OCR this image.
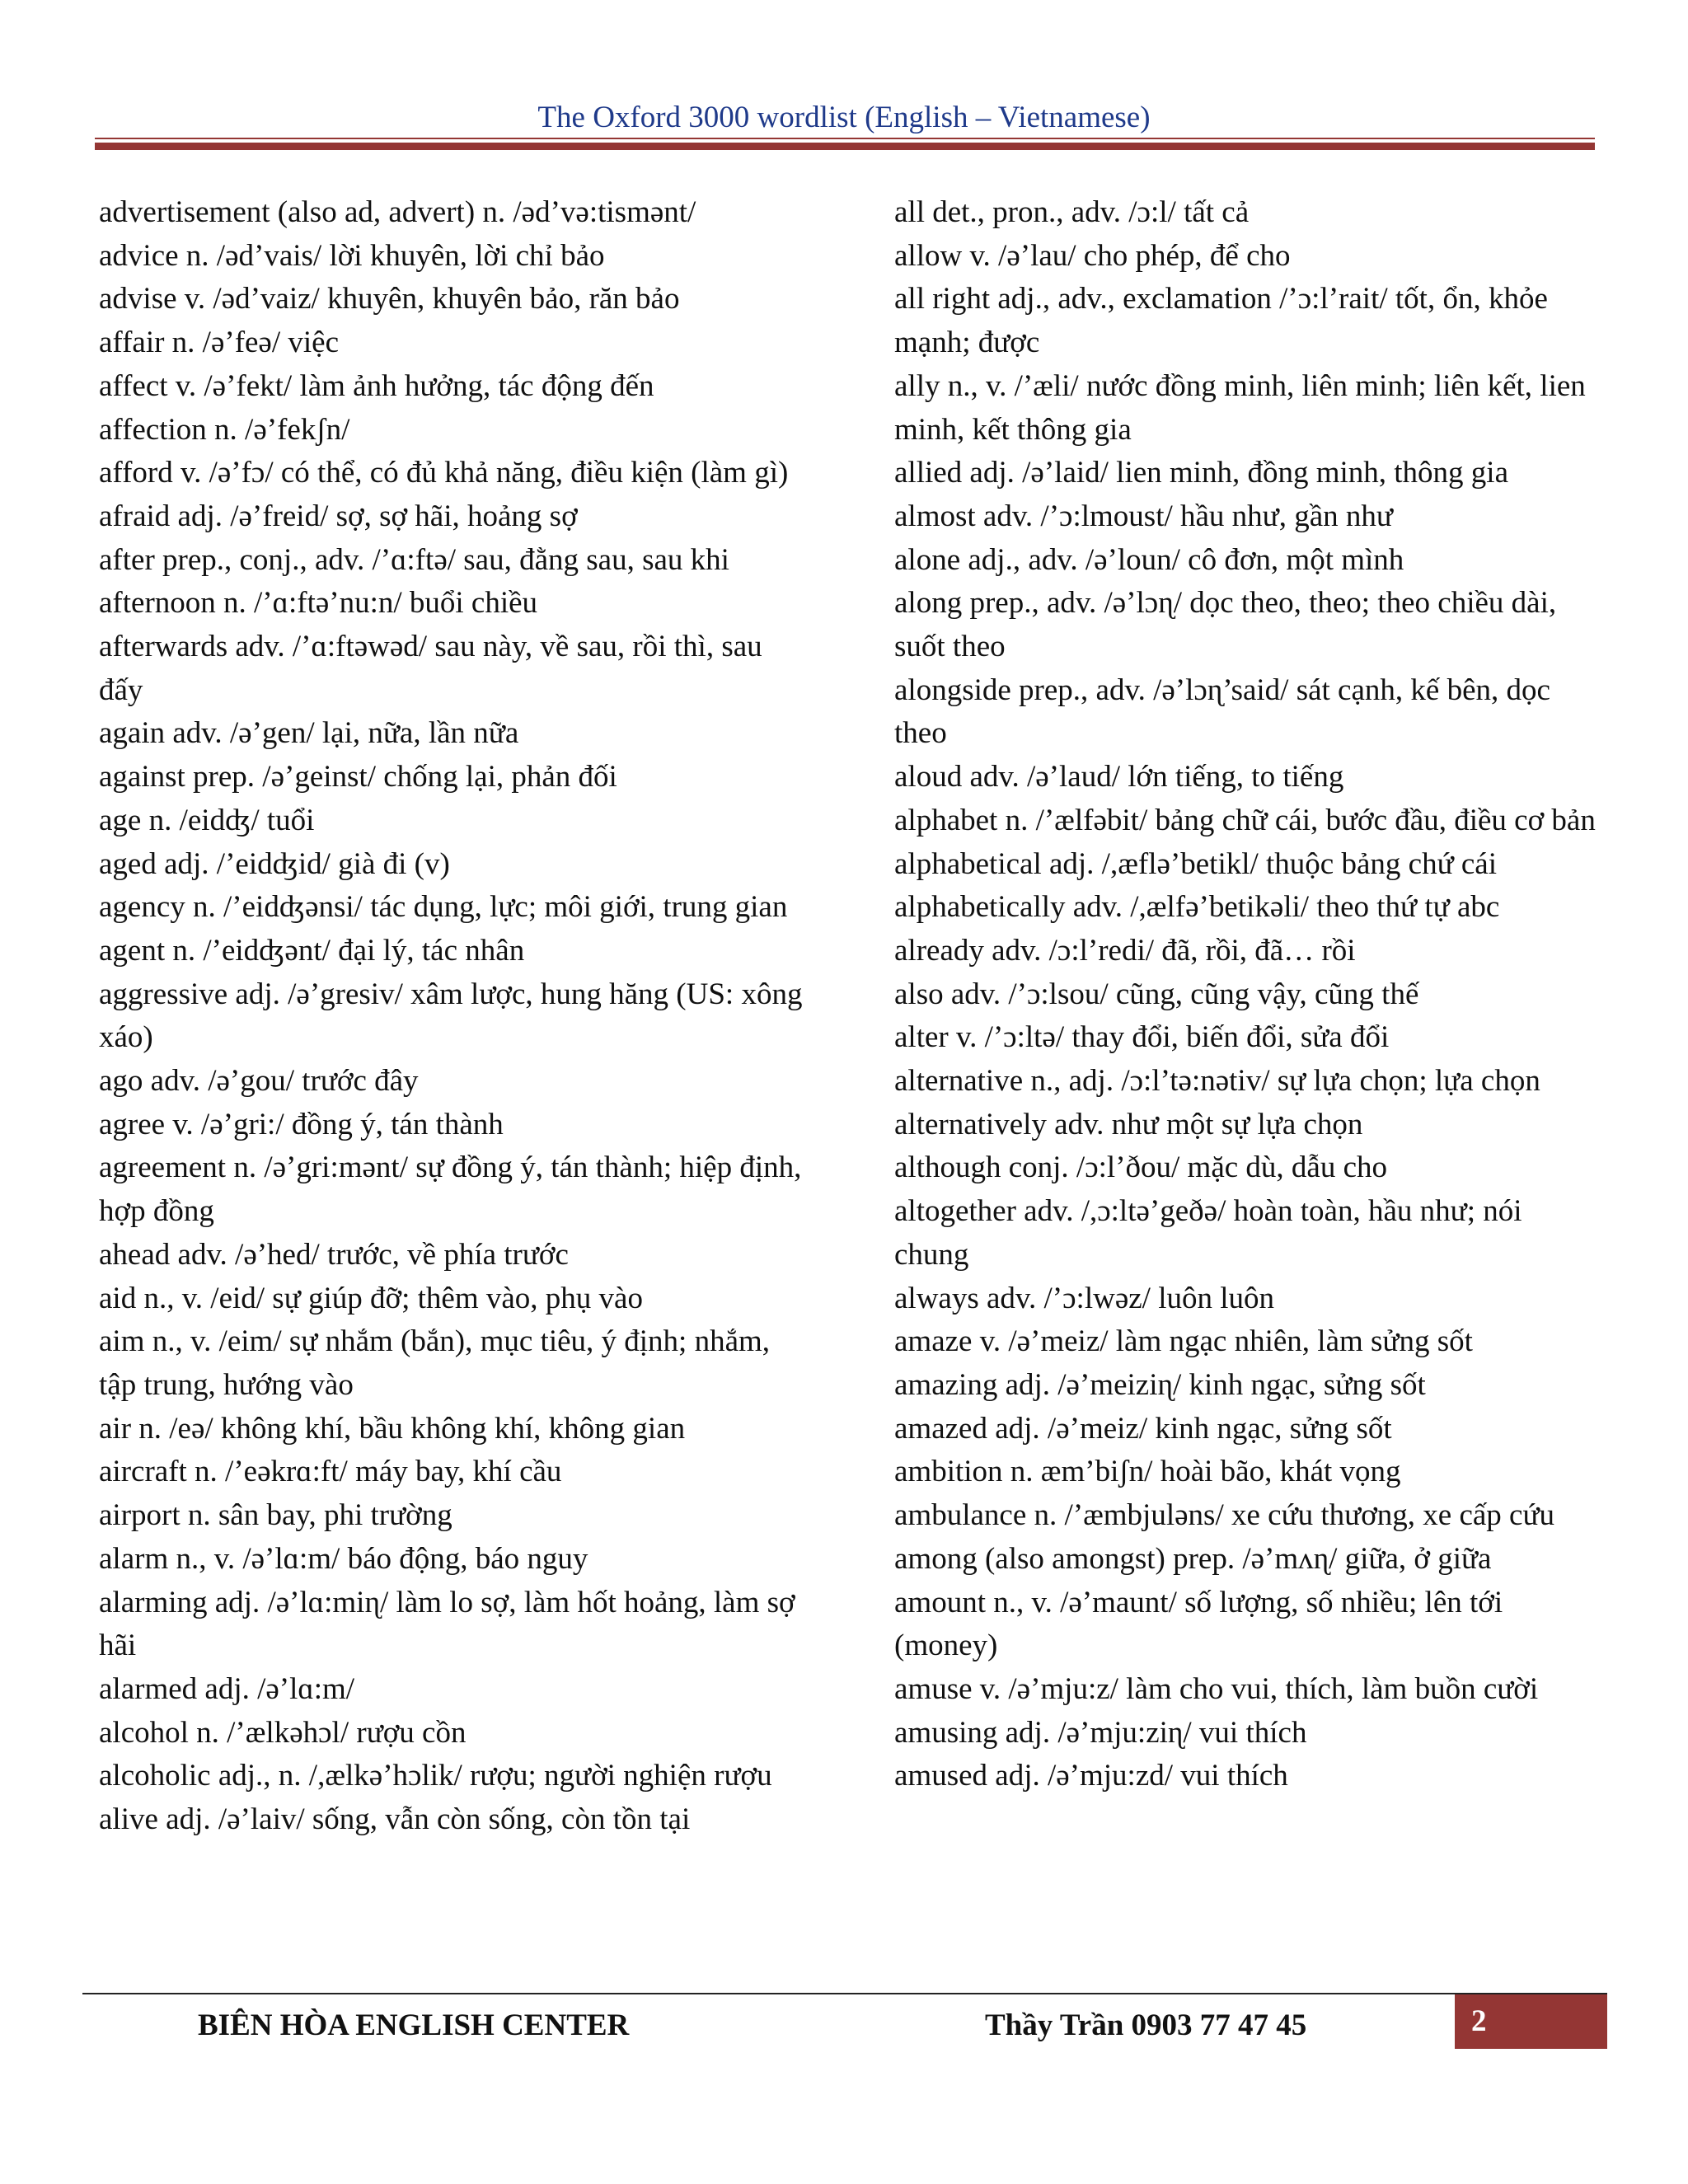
The Oxford 3000 wordlist (English – Vietnamese)

advertisement (also ad, advert) n. /əd’və:tismənt/

advice n. /əd’vais/ lời khuyên, lời chỉ bảo

advise v. /əd’vaiz/ khuyên, khuyên bảo, răn bảo

affair n. /ə’feə/ việc

affect v. /ə’fekt/ làm ảnh hưởng, tác động đến

affection n. /ə’fekʃn/

afford v. /ə’fɔ/ có thể, có đủ khả năng, điều kiện (làm gì)

afraid adj. /ə’freid/ sợ, sợ hãi, hoảng sợ

after prep., conj., adv. /’ɑ:ftə/ sau, đằng sau, sau khi

afternoon n. /’ɑ:ftə’nu:n/ buổi chiều

afterwards adv. /’ɑ:ftəwəd/ sau này, về sau, rồi thì, sau đấy

again adv. /ə’gen/ lại, nữa, lần nữa

against prep. /ə’geinst/ chống lại, phản đối

age n. /eidʤ/ tuổi

aged adj. /’eidʤid/ già đi (v)

agency n. /’eidʤənsi/ tác dụng, lực; môi giới, trung gian

agent n. /’eidʤənt/ đại lý, tác nhân

aggressive adj. /ə’gresiv/ xâm lược, hung hăng (US: xông xáo)

ago adv. /ə’gou/ trước đây

agree v. /ə’gri:/ đồng ý, tán thành

agreement n. /ə’gri:mənt/ sự đồng ý, tán thành; hiệp định, hợp đồng

ahead adv. /ə’hed/ trước, về phía trước

aid n., v. /eid/ sự giúp đỡ; thêm vào, phụ vào

aim n., v. /eim/ sự nhắm (bắn), mục tiêu, ý định; nhắm, tập trung, hướng vào

air n. /eə/ không khí, bầu không khí, không gian

aircraft n. /’eəkrɑ:ft/ máy bay, khí cầu

airport n. sân bay, phi trường

alarm n., v. /ə’lɑ:m/ báo động, báo nguy

alarming adj. /ə’lɑ:miɳ/ làm lo sợ, làm hốt hoảng, làm sợ hãi

alarmed adj. /ə’lɑ:m/

alcohol n. /’ælkəhɔl/ rượu cồn

alcoholic adj., n. /,ælkə’hɔlik/ rượu; người nghiện rượu

alive adj. /ə’laiv/ sống, vẫn còn sống, còn tồn tại

all det., pron., adv. /ɔ:l/ tất cả

allow v. /ə’lau/ cho phép, để cho

all right adj., adv., exclamation /’ɔ:l’rait/ tốt, ổn, khỏe mạnh; được

ally n., v. /’æli/ nước đồng minh, liên minh; liên kết, lien minh, kết thông gia

allied adj. /ə’laid/ lien minh, đồng minh, thông gia

almost adv. /’ɔ:lmoust/ hầu như, gần như

alone adj., adv. /ə’loun/ cô đơn, một mình

along prep., adv. /ə’lɔɳ/ dọc theo, theo; theo chiều dài, suốt theo

alongside prep., adv. /ə’lɔɳ’said/ sát cạnh, kế bên, dọc theo

aloud adv. /ə’laud/ lớn tiếng, to tiếng

alphabet n. /’ælfəbit/ bảng chữ cái, bước đầu, điều cơ bản

alphabetical adj. /,æflə’betikl/ thuộc bảng chứ cái

alphabetically adv. /,ælfə’betikəli/ theo thứ tự abc

already adv. /ɔ:l’redi/ đã, rồi, đã… rồi

also adv. /’ɔ:lsou/ cũng, cũng vậy, cũng thế

alter v. /’ɔ:ltə/ thay đổi, biến đổi, sửa đổi

alternative n., adj. /ɔ:l’tə:nətiv/ sự lựa chọn; lựa chọn

alternatively adv. như một sự lựa chọn

although conj. /ɔ:l’ðou/ mặc dù, dẫu cho

altogether adv. /,ɔ:ltə’geðə/ hoàn toàn, hầu như; nói chung

always adv. /’ɔ:lwəz/ luôn luôn

amaze v. /ə’meiz/ làm ngạc nhiên, làm sửng sốt

amazing adj. /ə’meiziɳ/ kinh ngạc, sửng sốt

amazed adj. /ə’meiz/ kinh ngạc, sửng sốt

ambition n. æm’biʃn/ hoài bão, khát vọng

ambulance n. /’æmbjuləns/ xe cứu thương, xe cấp cứu

among (also amongst) prep. /ə’mʌɳ/ giữa, ở giữa

amount n., v. /ə’maunt/ số lượng, số nhiều; lên tới (money)

amuse v. /ə’mju:z/ làm cho vui, thích, làm buồn cười

amusing adj. /ə’mju:ziɳ/ vui thích

amused adj. /ə’mju:zd/ vui thích

BIÊN HÒA ENGLISH CENTER	Thầy Trần 0903 77 47 45	2
